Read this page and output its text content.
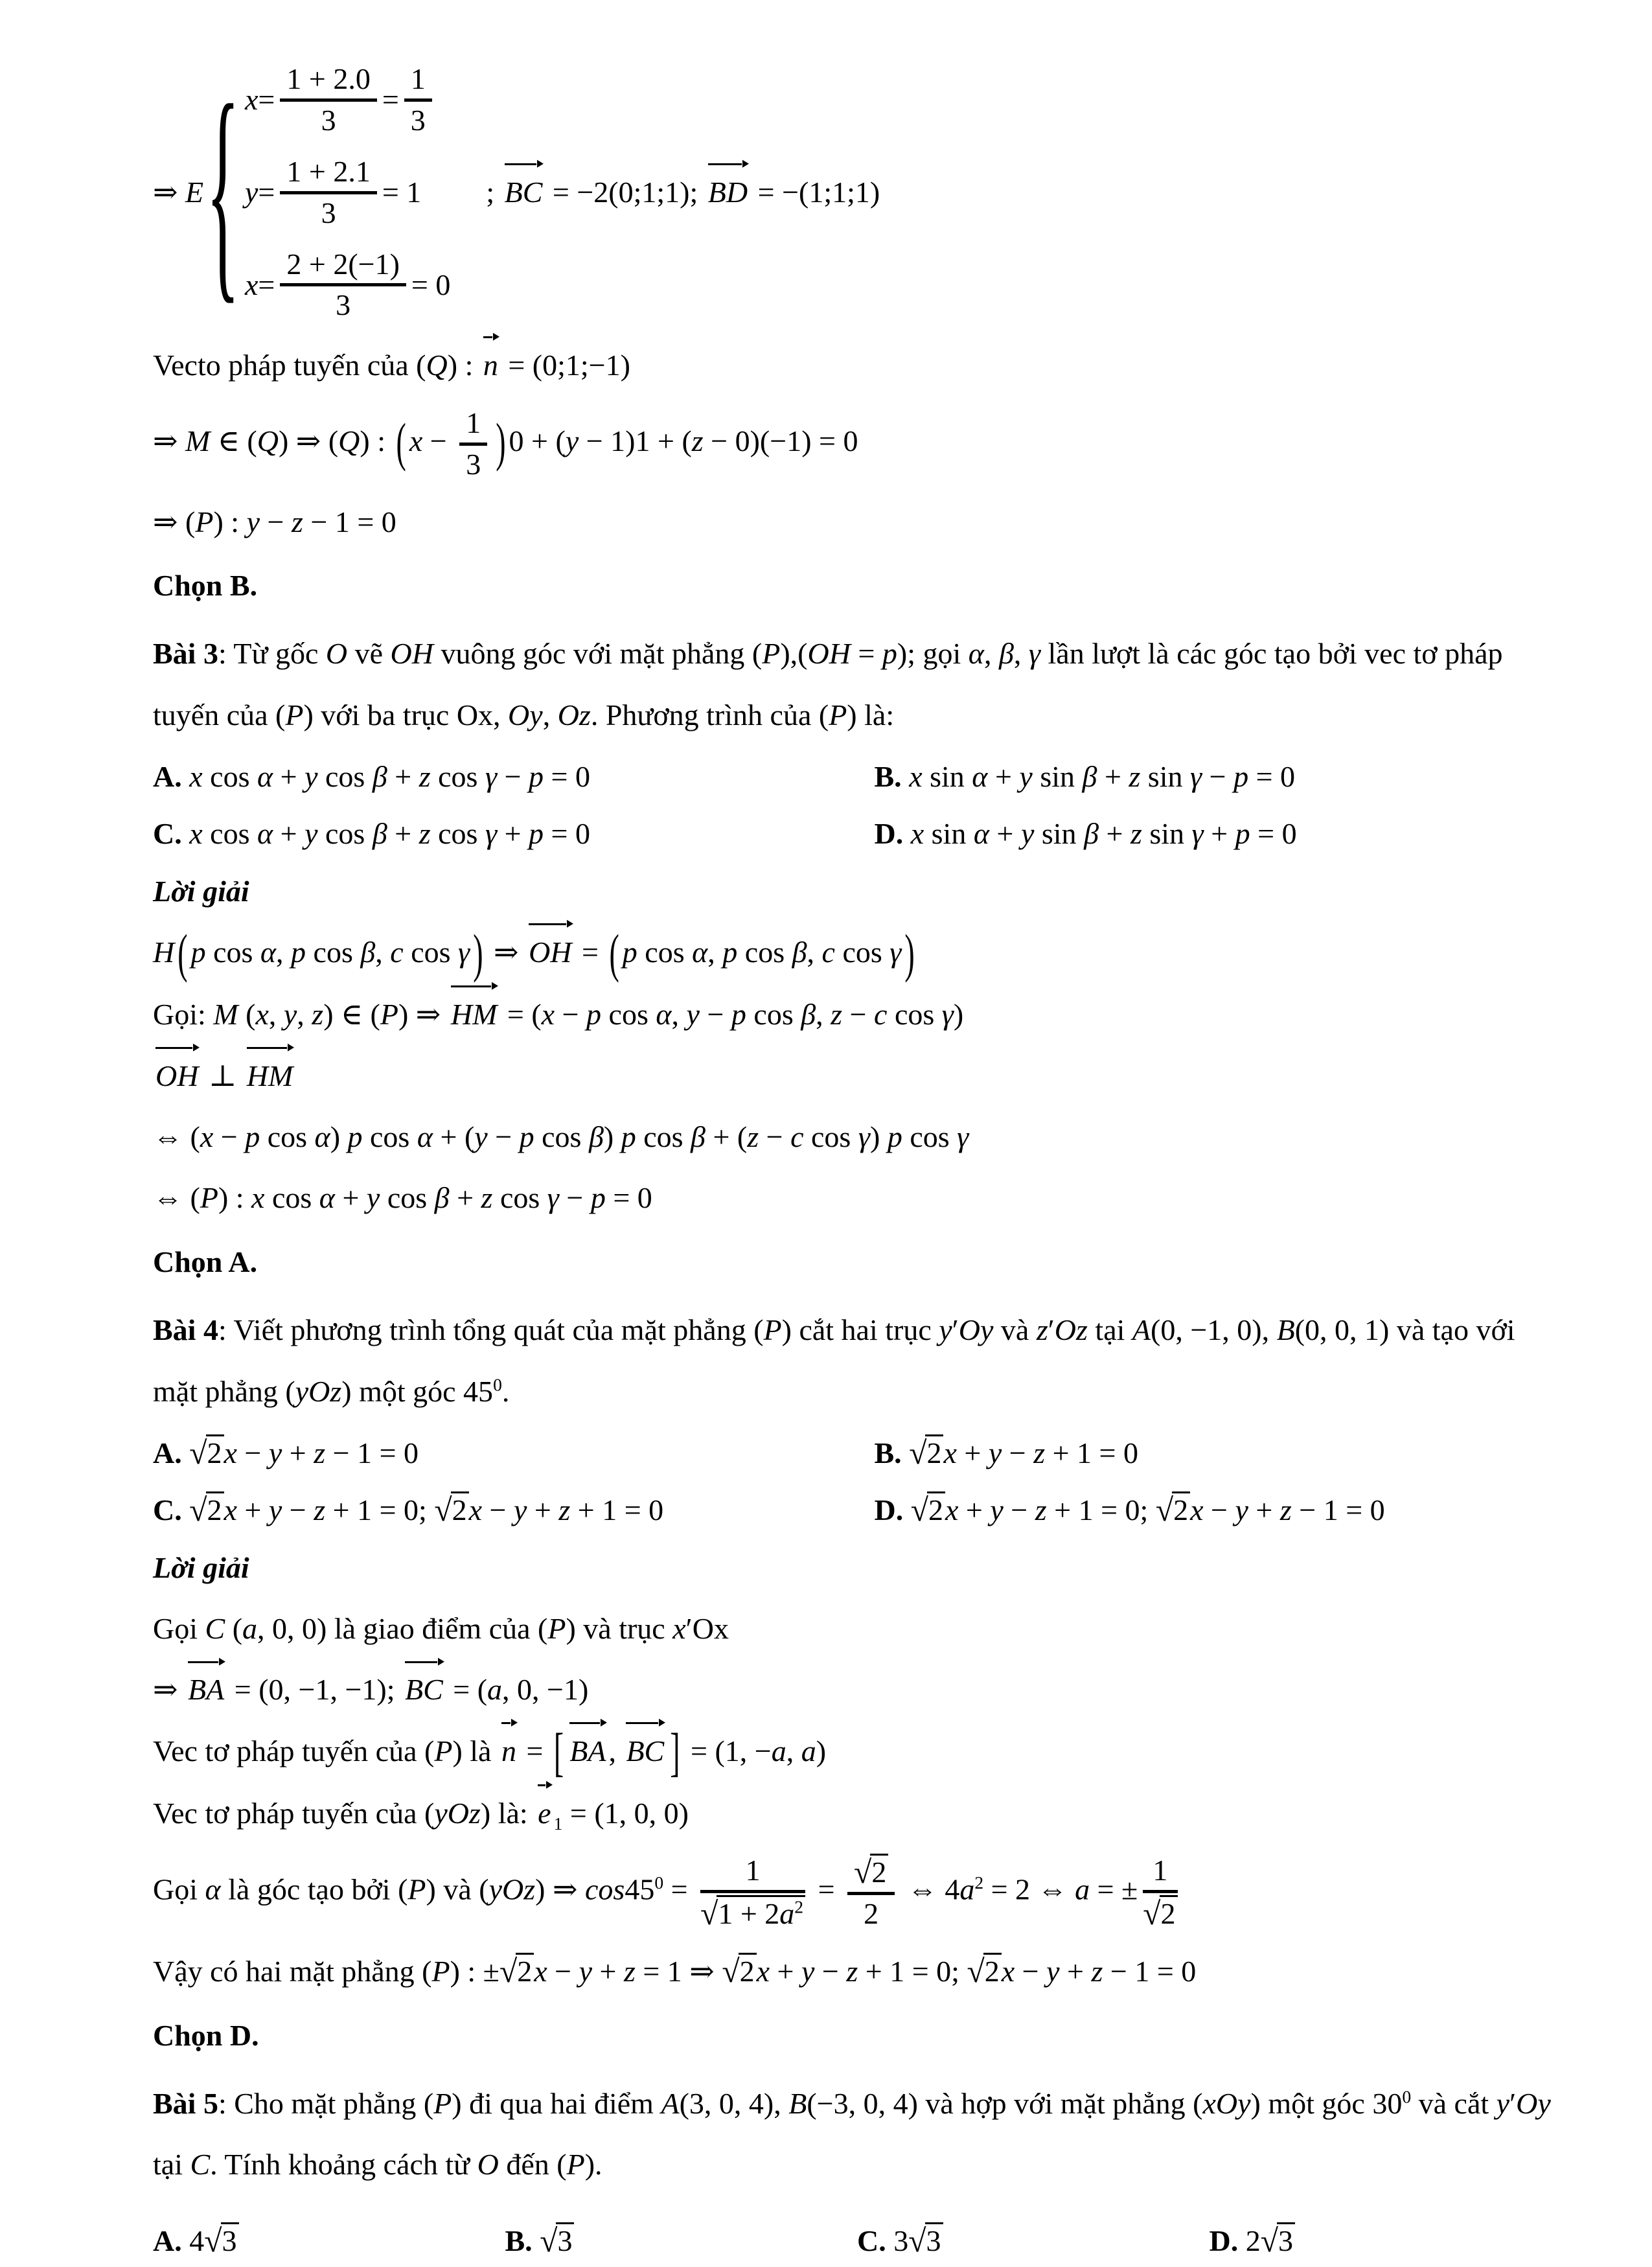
⇒ E { $x = \frac{1 + 2.0}{3} = \frac{1}{3}$
$y = \frac{1 + 2.1}{3} = 1$
$x = \frac{2 + 2(-1)}{3} = 0$
; BC = −2(0;1;1); BD = −(1;1;1)
Vecto pháp tuyến của (Q) : n = (0;1;−1)
⇒ M ∈ (Q) ⇒ (Q) : ( $x - \frac{1}{3}$ ) 0 + (y − 1)1 + (z − 0)(−1) = 0
⇒ (P) : y − z − 1 = 0
Chọn B.
Bài 3: Từ gốc O vẽ OH vuông góc với mặt phẳng (P),(OH = p); gọi α, β, γ lần lượt là các góc tạo bởi vec tơ pháp tuyến của (P) với ba trục Ox, Oy, Oz. Phương trình của (P) là:
A. x cos α + y cos β + z cos γ − p = 0	B. x sin α + y sin β + z sin γ − p = 0
C. x cos α + y cos β + z cos γ + p = 0	D. x sin α + y sin β + z sin γ + p = 0
Lời giải
H ( p cos α, p cos β, c cos γ ) ⇒ OH = ( p cos α, p cos β, c cos γ )
Gọi: M (x, y, z) ∈ (P) ⇒ HM = (x − p cos α, y − p cos β, z − c cos γ)
OH ⊥ HM
⇔ (x − p cos α) p cos α + (y − p cos β) p cos β + (z − c cos γ) p cos γ
⇔ (P) : x cos α + y cos β + z cos γ − p = 0
Chọn A.
Bài 4: Viết phương trình tổng quát của mặt phẳng (P) cắt hai trục y′Oy và z′Oz tại A(0, −1, 0), B(0, 0, 1) và tạo với mặt phẳng (yOz) một góc $45^0$.
A. √2x − y + z − 1 = 0	B. √2x + y − z + 1 = 0
C. √2x + y − z + 1 = 0; √2x − y + z + 1 = 0	D. √2x + y − z + 1 = 0; √2x − y + z − 1 = 0
Lời giải
Gọi C (a, 0, 0) là giao điểm của (P) và trục x′Ox
⇒ BA = (0, −1, −1); BC = (a, 0, −1)
Vec tơ pháp tuyến của (P) là n = [ BA, BC ] = (1, −a, a)
Vec tơ pháp tuyến của (yOz) là: e $_1$ = (1, 0, 0)
Gọi α là góc tạo bởi (P) và (yOz) ⇒ $\cos 45^0 = \frac{1}{√1 + 2a^2} = \frac{√2}{2}$ ⇔ $4a^2 = 2$ ⇔ a = ± $\frac{1}{√2}$
Vậy có hai mặt phẳng (P) : ±√2x − y + z = 1 ⇒ √2x + y − z + 1 = 0; √2x − y + z − 1 = 0
Chọn D.
Bài 5: Cho mặt phẳng (P) đi qua hai điểm A(3, 0, 4), B(−3, 0, 4) và hợp với mặt phẳng (xOy) một góc $30^0$ và cắt y′Oy tại C. Tính khoảng cách từ O đến (P).
A. 4√3	B. √3	C. 3√3	D. 2√3
